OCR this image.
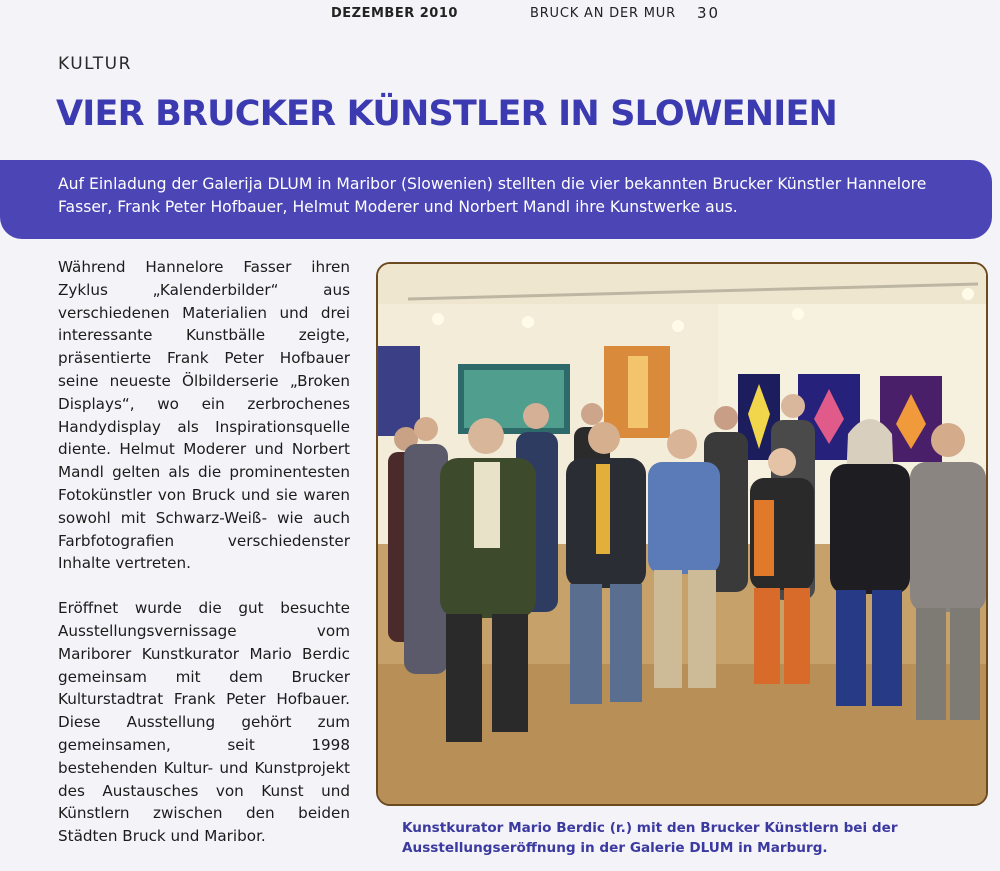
DEZEMBER 2010	BRUCK AN DER MUR 30
KULTUR
VIER BRUCKER KÜNSTLER IN SLOWENIEN
Auf Einladung der Galerija DLUM in Maribor (Slowenien) stellten die vier bekannten Brucker Künstler Hannelore Fasser, Frank Peter Hofbauer, Helmut Moderer und Norbert Mandl ihre Kunstwerke aus.

Während Hannelore Fasser ihren Zyklus „Kalenderbilder“ aus verschiedenen Materialien und drei interessante Kunstbälle zeigte, präsentierte Frank Peter Hofbauer seine neueste Ölbilderserie „Broken Displays“, wo ein zerbrochenes Handydisplay als Inspirationsquelle diente. Helmut Moderer und Norbert Mandl gelten als die prominentesten Fotokünstler von Bruck und sie waren sowohl mit Schwarz-Weiß- wie auch Farbfotografien verschiedenster Inhalte vertreten.

Eröffnet wurde die gut besuchte Ausstellungsvernissage vom Mariborer Kunstkurator Mario Berdic gemeinsam mit dem Brucker Kulturstadtrat Frank Peter Hofbauer. Diese Ausstellung gehört zum gemeinsamen, seit 1998 bestehenden Kultur- und Kunstprojekt des Austausches von Kunst und Künstlern zwischen den beiden Städten Bruck und Maribor.	Kunstkurator Mario Berdic (r.) mit den Brucker Künstlern bei der Ausstellungseröffnung in der Galerie DLUM in Marburg.
